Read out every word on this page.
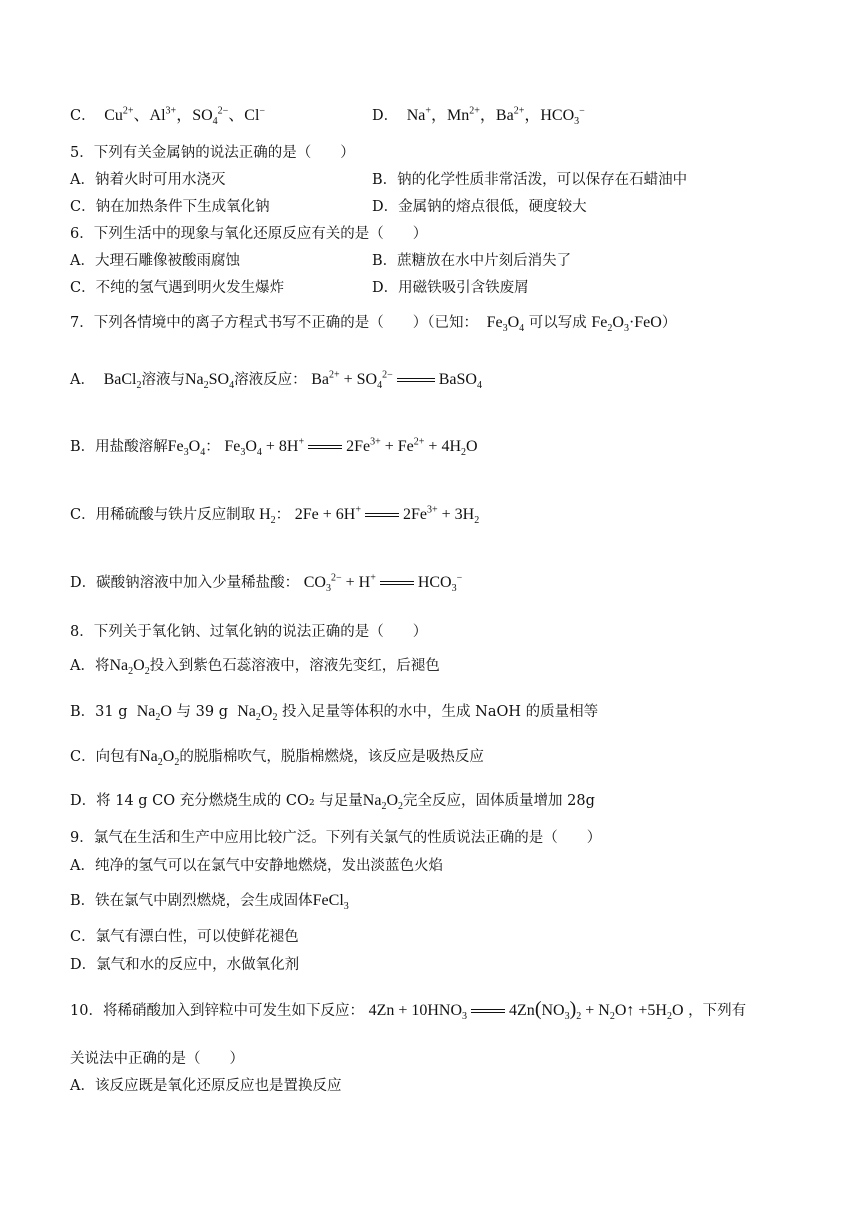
C．  $Cu^{2+}$、$Al^{3+}$，$SO_4^{2-}$、Cl−	D．  Na+，$Mn^{2+}$，$Ba^{2+}$，$HCO_3^-$
5．下列有关金属钠的说法正确的是（　　）
A．钠着火时可用水浇灭	B．钠的化学性质非常活泼，可以保存在石蜡油中
C．钠在加热条件下生成氧化钠	D．金属钠的熔点很低，硬度较大
6．下列生活中的现象与氧化还原反应有关的是（　　）
A．大理石雕像被酸雨腐蚀	B．蔗糖放在水中片刻后消失了
C．不纯的氢气遇到明火发生爆炸	D．用磁铁吸引含铁废屑
7．下列各情境中的离子方程式书写不正确的是（　　）（已知：  $Fe_3O_4$ 可以写成 $Fe_2O_3\cdot FeO$）
A．  BaCl$_2$溶液与$Na_2SO_4$溶液反应： $Ba^{2+} + SO_4^{2-}$	BaSO$_4$
B．用盐酸溶解$Fe_3O_4$： $Fe_3O_4 + 8H^+$	$2Fe^{3+} + Fe^{2+} + 4H_2O$
C．用稀硫酸与铁片反应制取 $H_2$： 2Fe + 6H+	$2Fe^{3+} + 3H_2$
D．碳酸钠溶液中加入少量稀盐酸： $CO_3^{2-} + H^+$	$HCO_3^-$
8．下列关于氧化钠、过氧化钠的说法正确的是（　　）
A．将$Na_2O_2$投入到紫色石蕊溶液中，溶液先变红，后褪色
B．31 g $Na_2O$ 与 39 g $Na_2O_2$ 投入足量等体积的水中，生成 NaOH 的质量相等
C．向包有$Na_2O_2$的脱脂棉吹气，脱脂棉燃烧，该反应是吸热反应
D．将 14 g CO 充分燃烧生成的 CO₂ 与足量$Na_2O_2$完全反应，固体质量增加 28g
9．氯气在生活和生产中应用比较广泛。下列有关氯气的性质说法正确的是（　　）
A．纯净的氢气可以在氯气中安静地燃烧，发出淡蓝色火焰
B．铁在氯气中剧烈燃烧，会生成固体FeCl$_3$
C．氯气有漂白性，可以使鲜花褪色
D．氯气和水的反应中，水做氧化剂
10．将稀硝酸加入到锌粒中可发生如下反应： $4Zn + 10HNO_3$	$4Zn(NO_3)_2$ + $N_2O↑ +5H_2O$ ，下列有
关说法中正确的是（　　）
A．该反应既是氧化还原反应也是置换反应
